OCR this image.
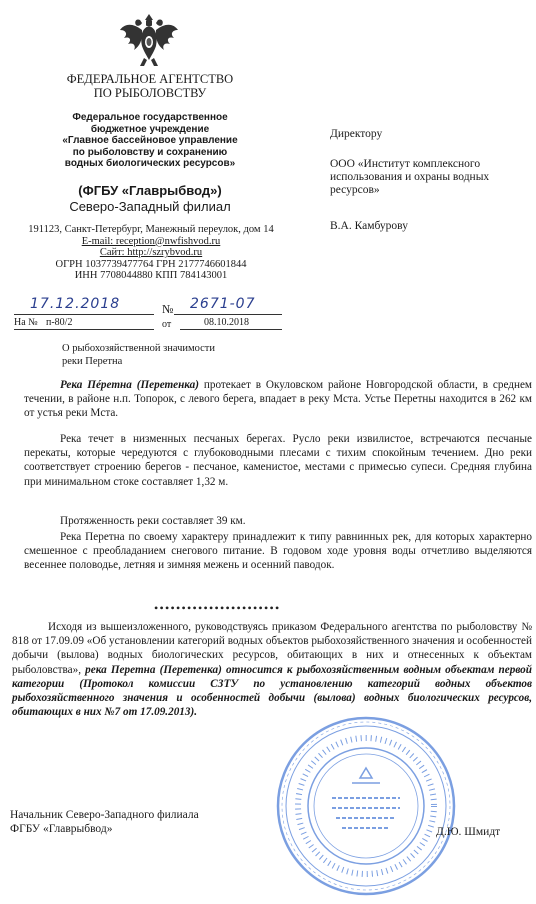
ФЕДЕРАЛЬНОЕ АГЕНТСТВО
ПО РЫБОЛОВСТВУ
Федеральное государственное
бюджетное учреждение
«Главное бассейновое управление
по рыболовству и сохранению
водных биологических ресурсов»
(ФГБУ «Главрыбвод»)
Северо-Западный филиал
191123, Санкт-Петербург, Манежный переулок, дом 14
E-mail: reception@nwfishvod.ru
Сайт: http://szrybvod.ru
ОГРН 1037739477764 ГРН 2177746601844
ИНН 7708044880 КПП 784143001
17.12.2018	№ 2671-07
На № п-80/2	от	08.10.2018
Директору
ООО «Институт комплексного
использования и охраны водных
ресурсов»
В.А. Камбурову
О рыбохозяйственной значимости
реки Перетна

Река Пéретна (Перетенка) протекает в Окуловском районе Новгородской области, в среднем течении, в районе н.п. Топорок, с левого берега, впадает в реку Мста. Устье Перетны находится в 262 км от устья реки Мста.

Река течет в низменных песчаных берегах. Русло реки извилистое, встречаются песчаные перекаты, которые чередуются с глубоководными плесами с тихим спокойным течением. Дно реки соответствует строению берегов - песчаное, каменистое, местами с примесью супеси. Средняя глубина при минимальном стоке составляет 1,32 м.

Протяженность реки составляет 39 км.

Река Перетна по своему характеру принадлежит к типу равнинных рек, для которых характерно смешенное с преобладанием снегового питание. В годовом ходе уровня воды отчетливо выделяются весеннее половодье, летняя и зимняя межень и осенний паводок.

•••••••••••••••••••••••

Исходя из вышеизложенного, руководствуясь приказом Федерального агентства по рыболовству № 818 от 17.09.09 «Об установлении категорий водных объектов рыбохозяйственного значения и особенностей добычи (вылова) водных биологических ресурсов, обитающих в них и отнесенных к объектам рыболовства», река Перетна (Перетенка) относится к рыбохозяйственным водным объектам первой категории (Протокол комиссии СЗТУ по установлению категорий водных объектов рыбохозяйственного значения и особенностей добычи (вылова) водных биологических ресурсов, обитающих в них №7 от 17.09.2013).

Начальник Северо-Западного филиала
ФГБУ «Главрыбвод»	Д.Ю. Шмидт
